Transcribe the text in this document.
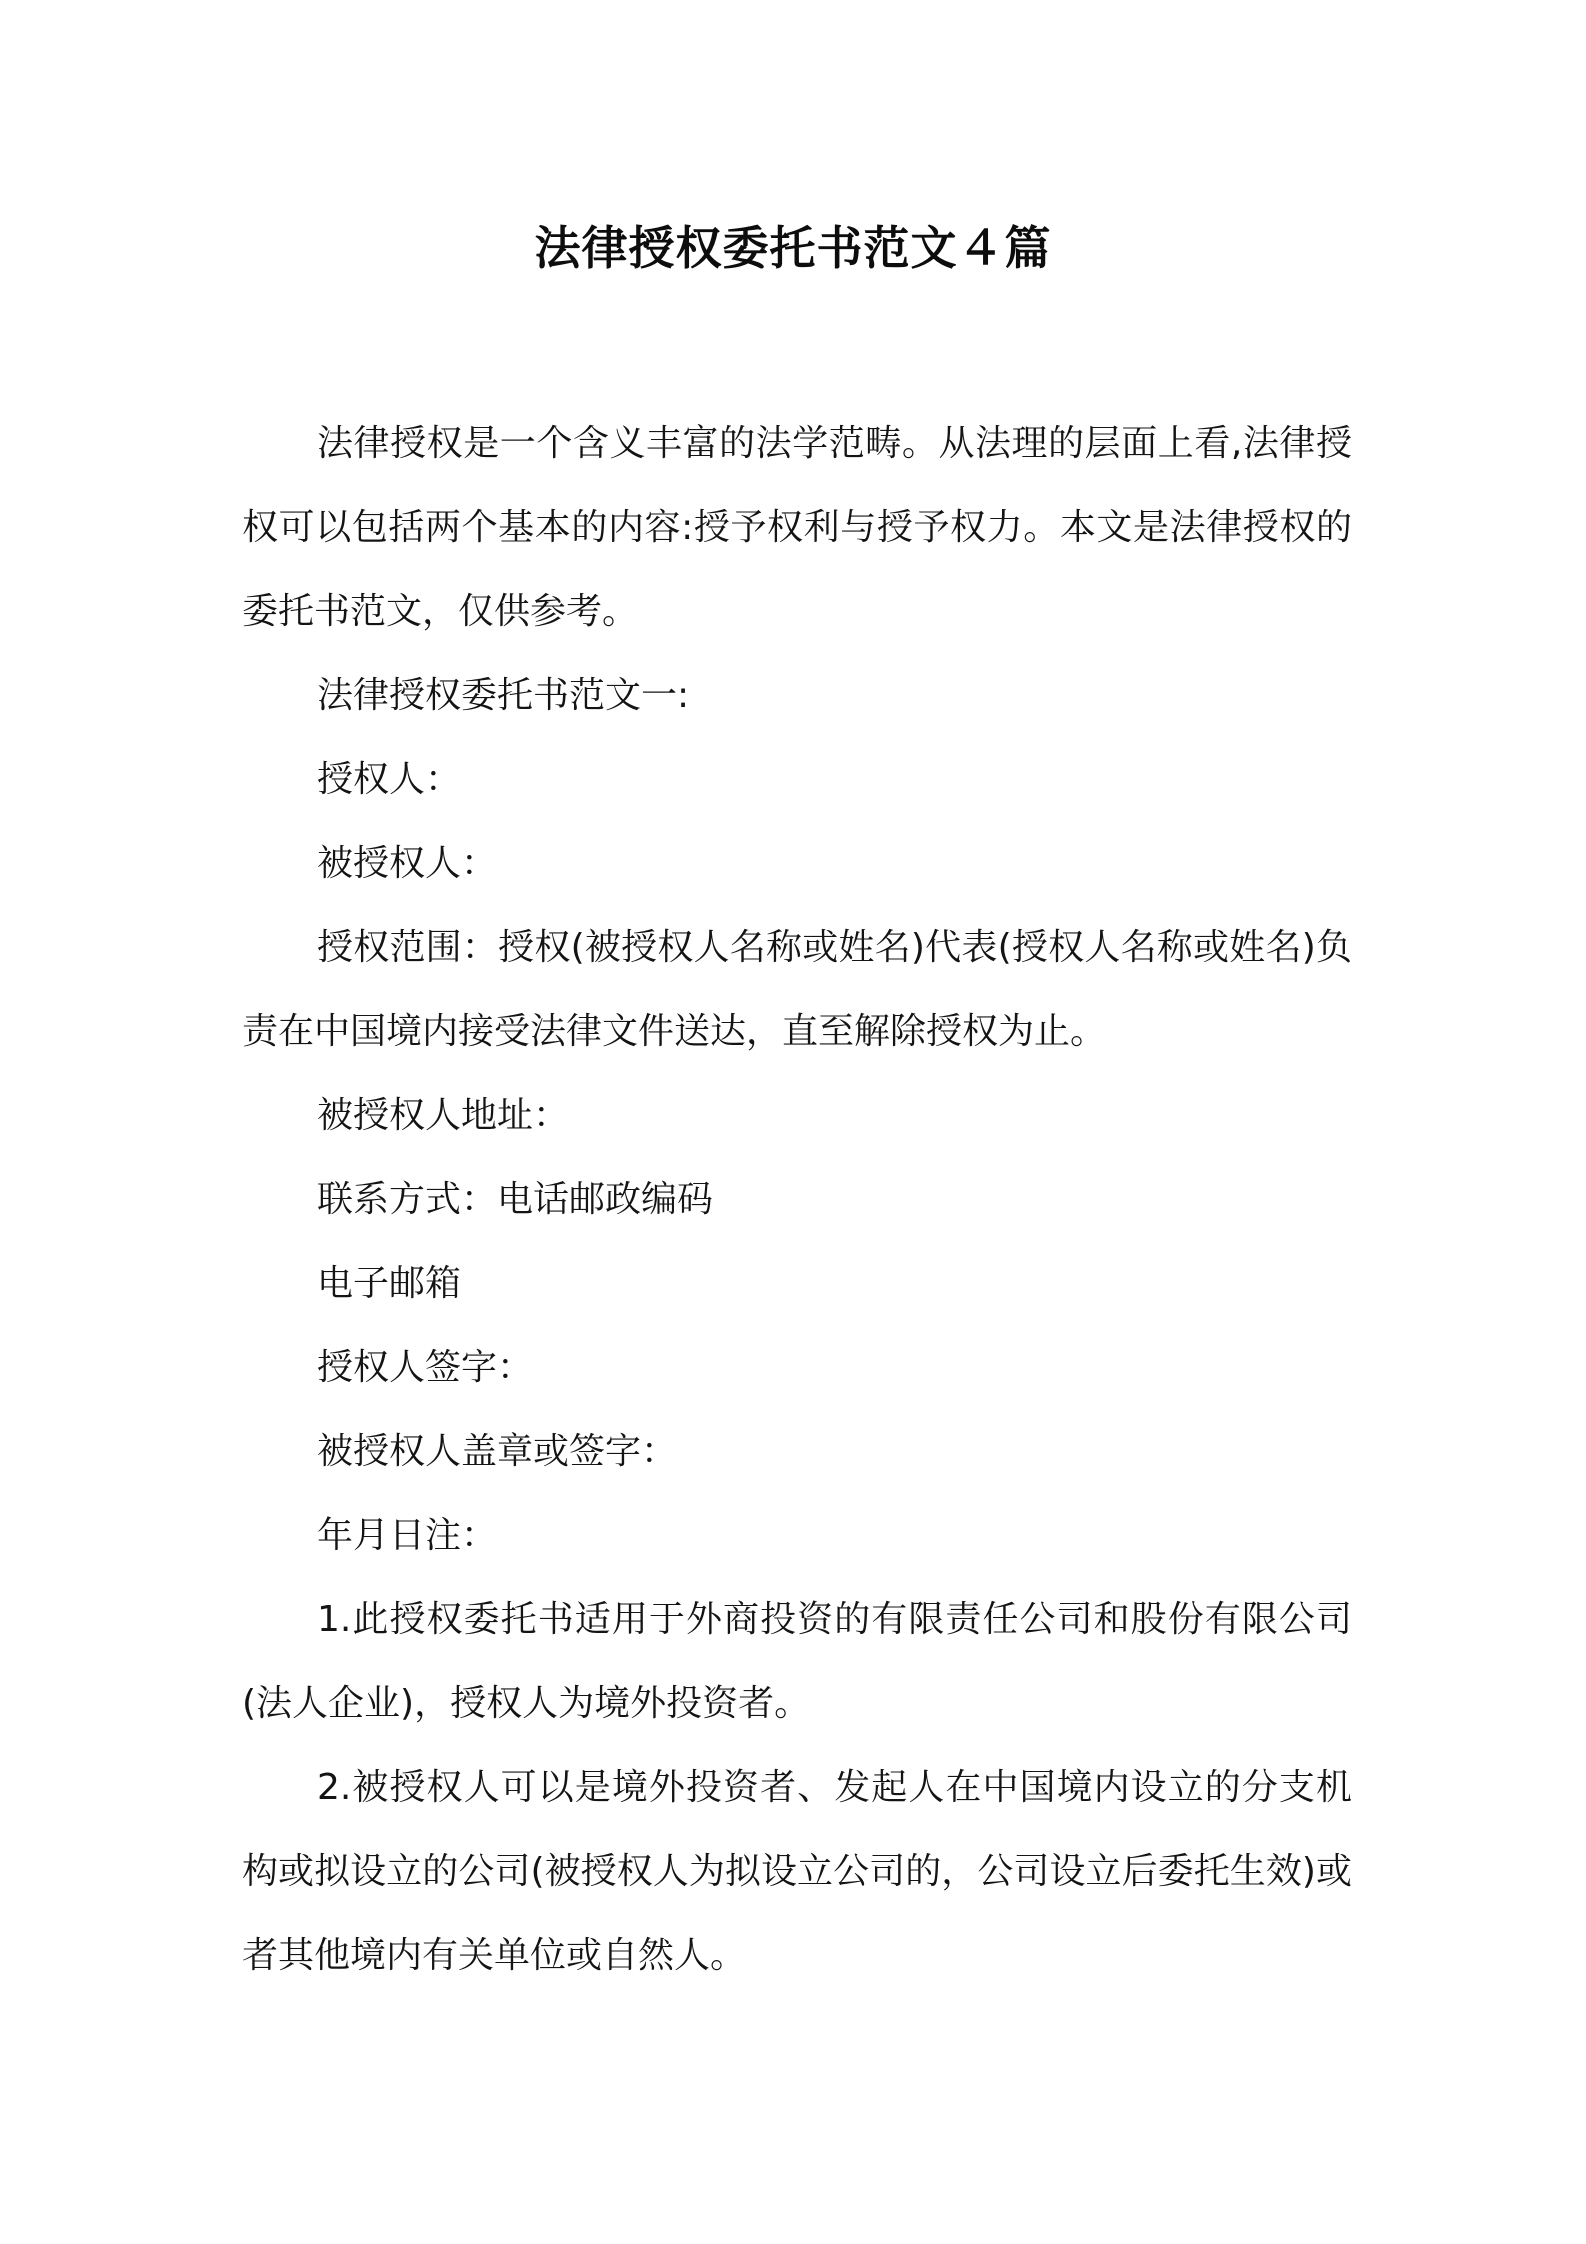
法律授权委托书范文４篇

法律授权是一个含义丰富的法学范畴。从法理的层面上看,法律授权可以包括两个基本的内容:授予权利与授予权力。本文是法律授权的委托书范文，仅供参考。

法律授权委托书范文一:

授权人：

被授权人：

授权范围：授权(被授权人名称或姓名)代表(授权人名称或姓名)负责在中国境内接受法律文件送达，直至解除授权为止。

被授权人地址：

联系方式：电话邮政编码

电子邮箱

授权人签字：

被授权人盖章或签字：

年月日注：

1.此授权委托书适用于外商投资的有限责任公司和股份有限公司(法人企业)，授权人为境外投资者。

2.被授权人可以是境外投资者、发起人在中国境内设立的分支机构或拟设立的公司(被授权人为拟设立公司的，公司设立后委托生效)或者其他境内有关单位或自然人。
